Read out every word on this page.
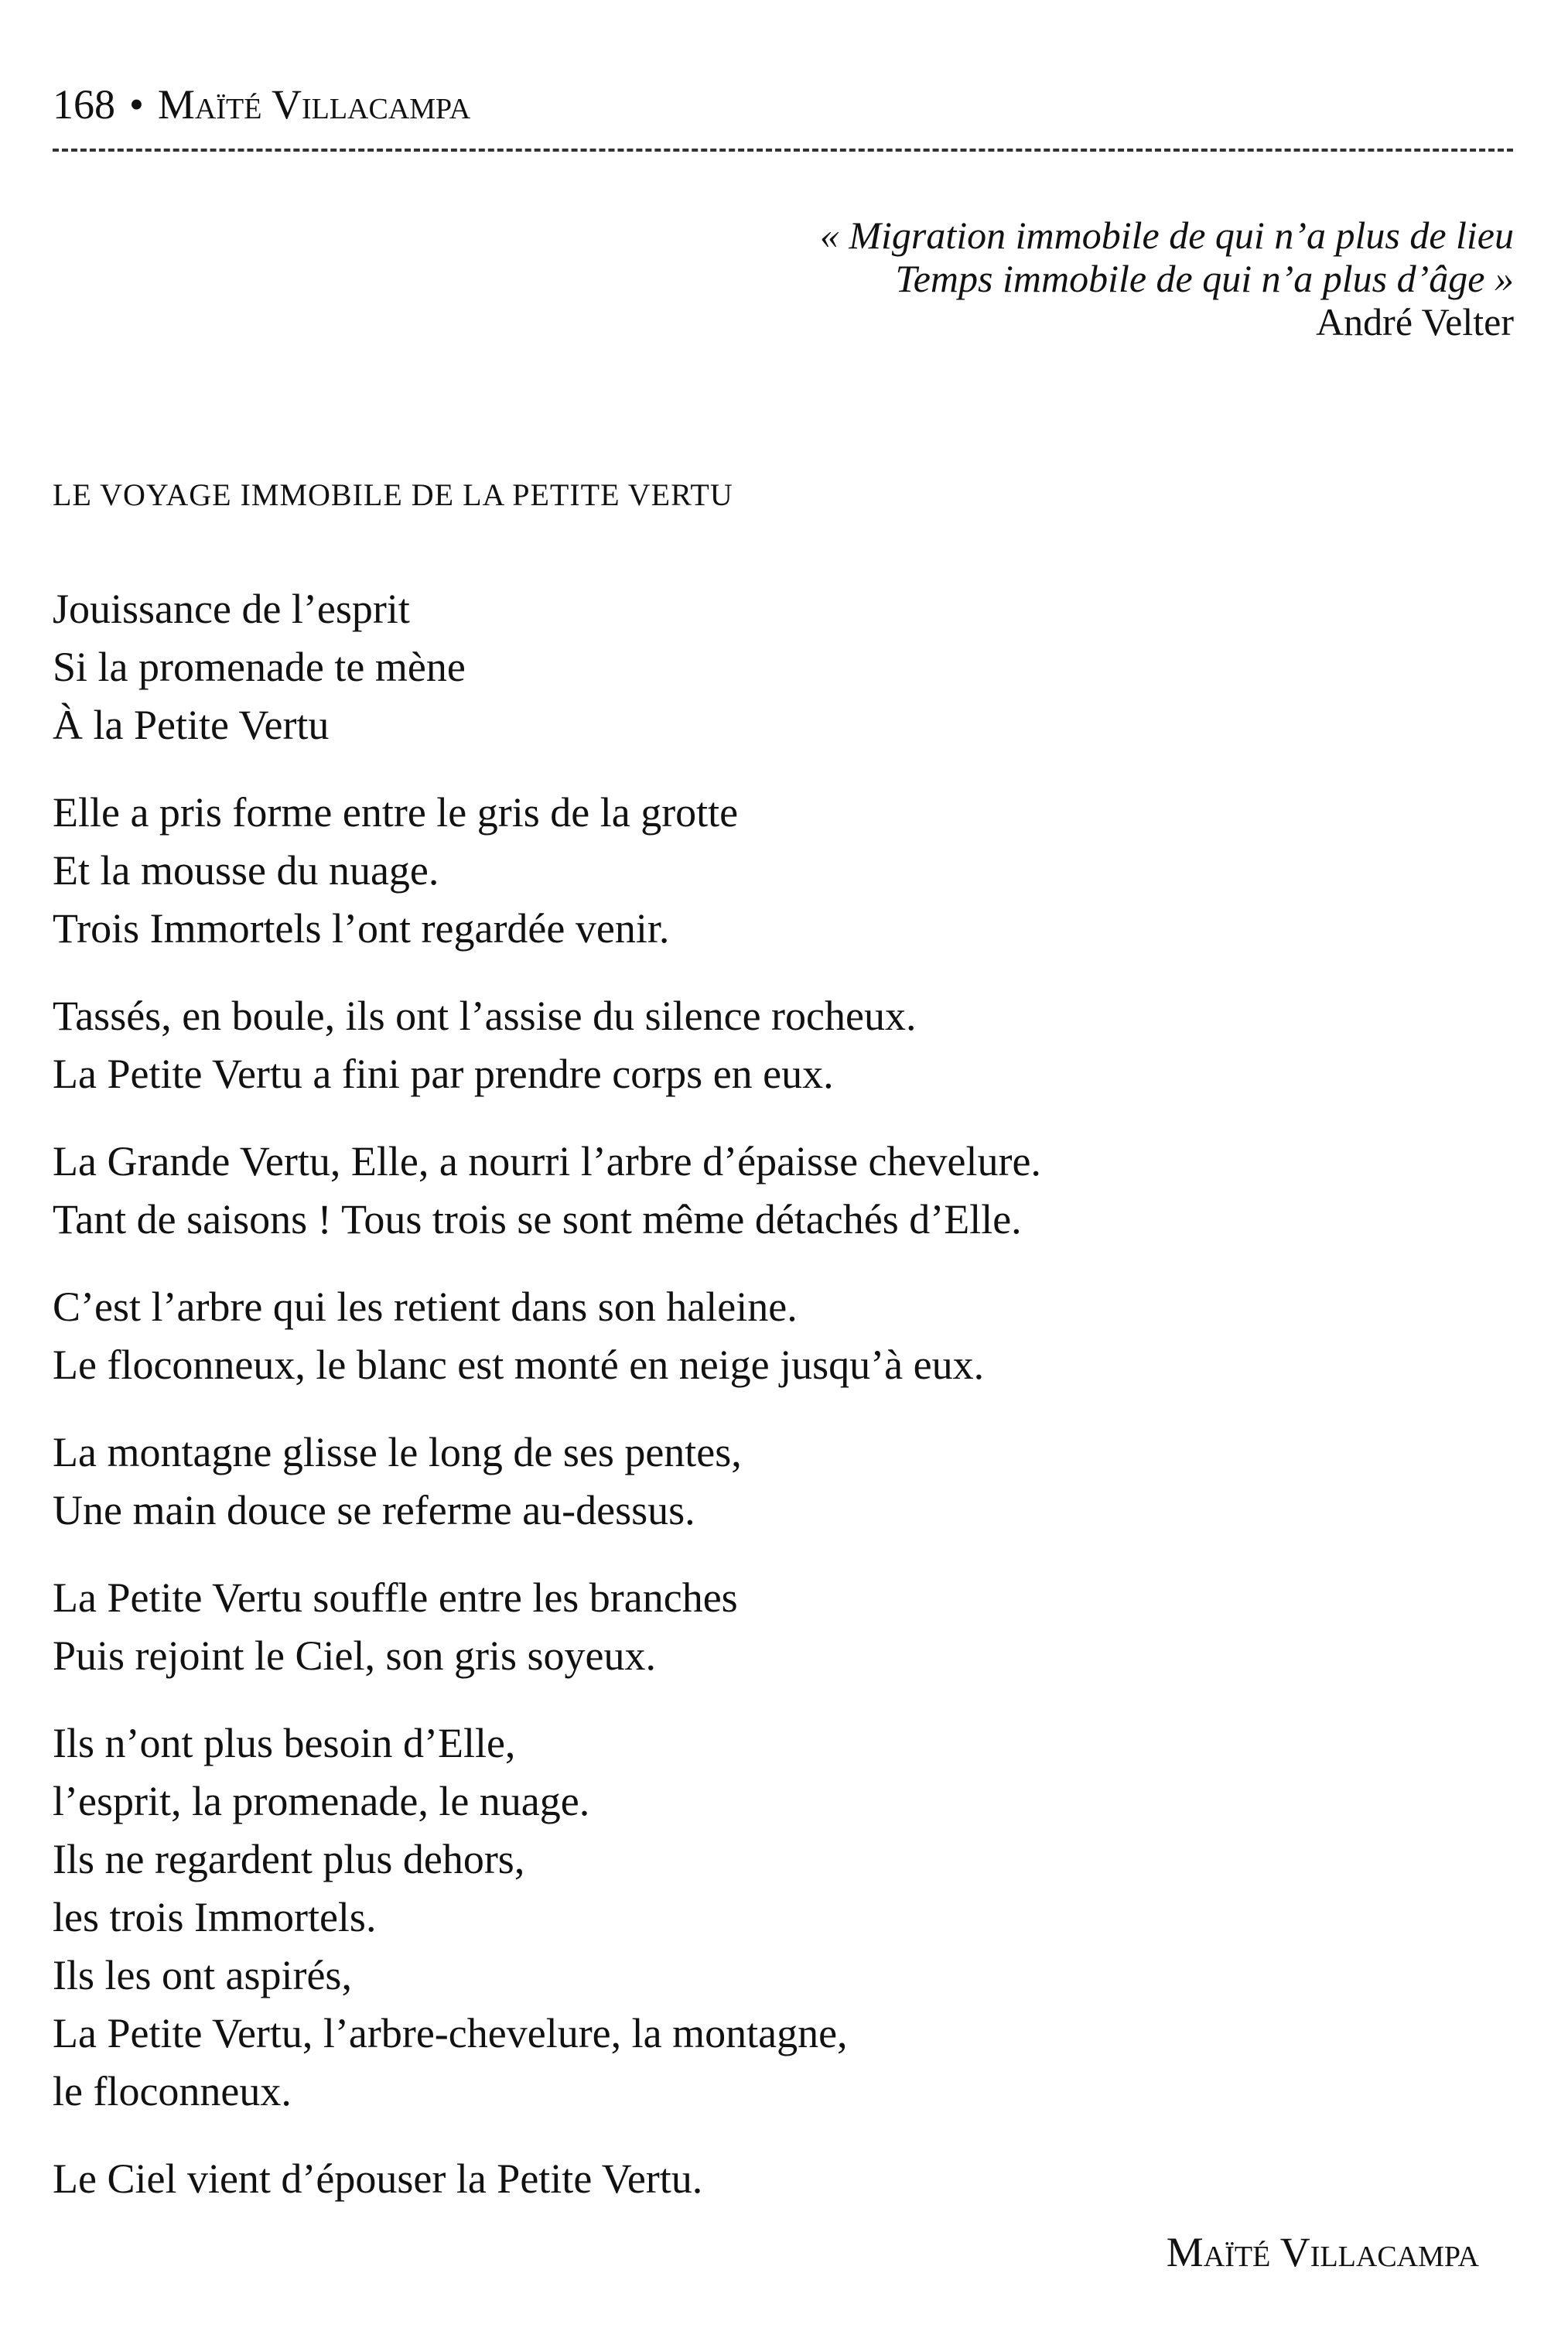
168 • Maïté Villacampa
« Migration immobile de qui n’a plus de lieu
Temps immobile de qui n’a plus d’âge »
André Velter
LE VOYAGE IMMOBILE DE LA PETITE VERTU
Jouissance de l’esprit
Si la promenade te mène
À la Petite Vertu
Elle a pris forme entre le gris de la grotte
Et la mousse du nuage.
Trois Immortels l’ont regardée venir.
Tassés, en boule, ils ont l’assise du silence rocheux.
La Petite Vertu a fini par prendre corps en eux.
La Grande Vertu, Elle, a nourri l’arbre d’épaisse chevelure.
Tant de saisons ! Tous trois se sont même détachés d’Elle.
C’est l’arbre qui les retient dans son haleine.
Le floconneux, le blanc est monté en neige jusqu’à eux.
La montagne glisse le long de ses pentes,
Une main douce se referme au-dessus.
La Petite Vertu souffle entre les branches
Puis rejoint le Ciel, son gris soyeux.
Ils n’ont plus besoin d’Elle,
l’esprit, la promenade, le nuage.
Ils ne regardent plus dehors,
les trois Immortels.
Ils les ont aspirés,
La Petite Vertu, l’arbre-chevelure, la montagne,
le floconneux.
Le Ciel vient d’épouser la Petite Vertu.
Maïté Villacampa
